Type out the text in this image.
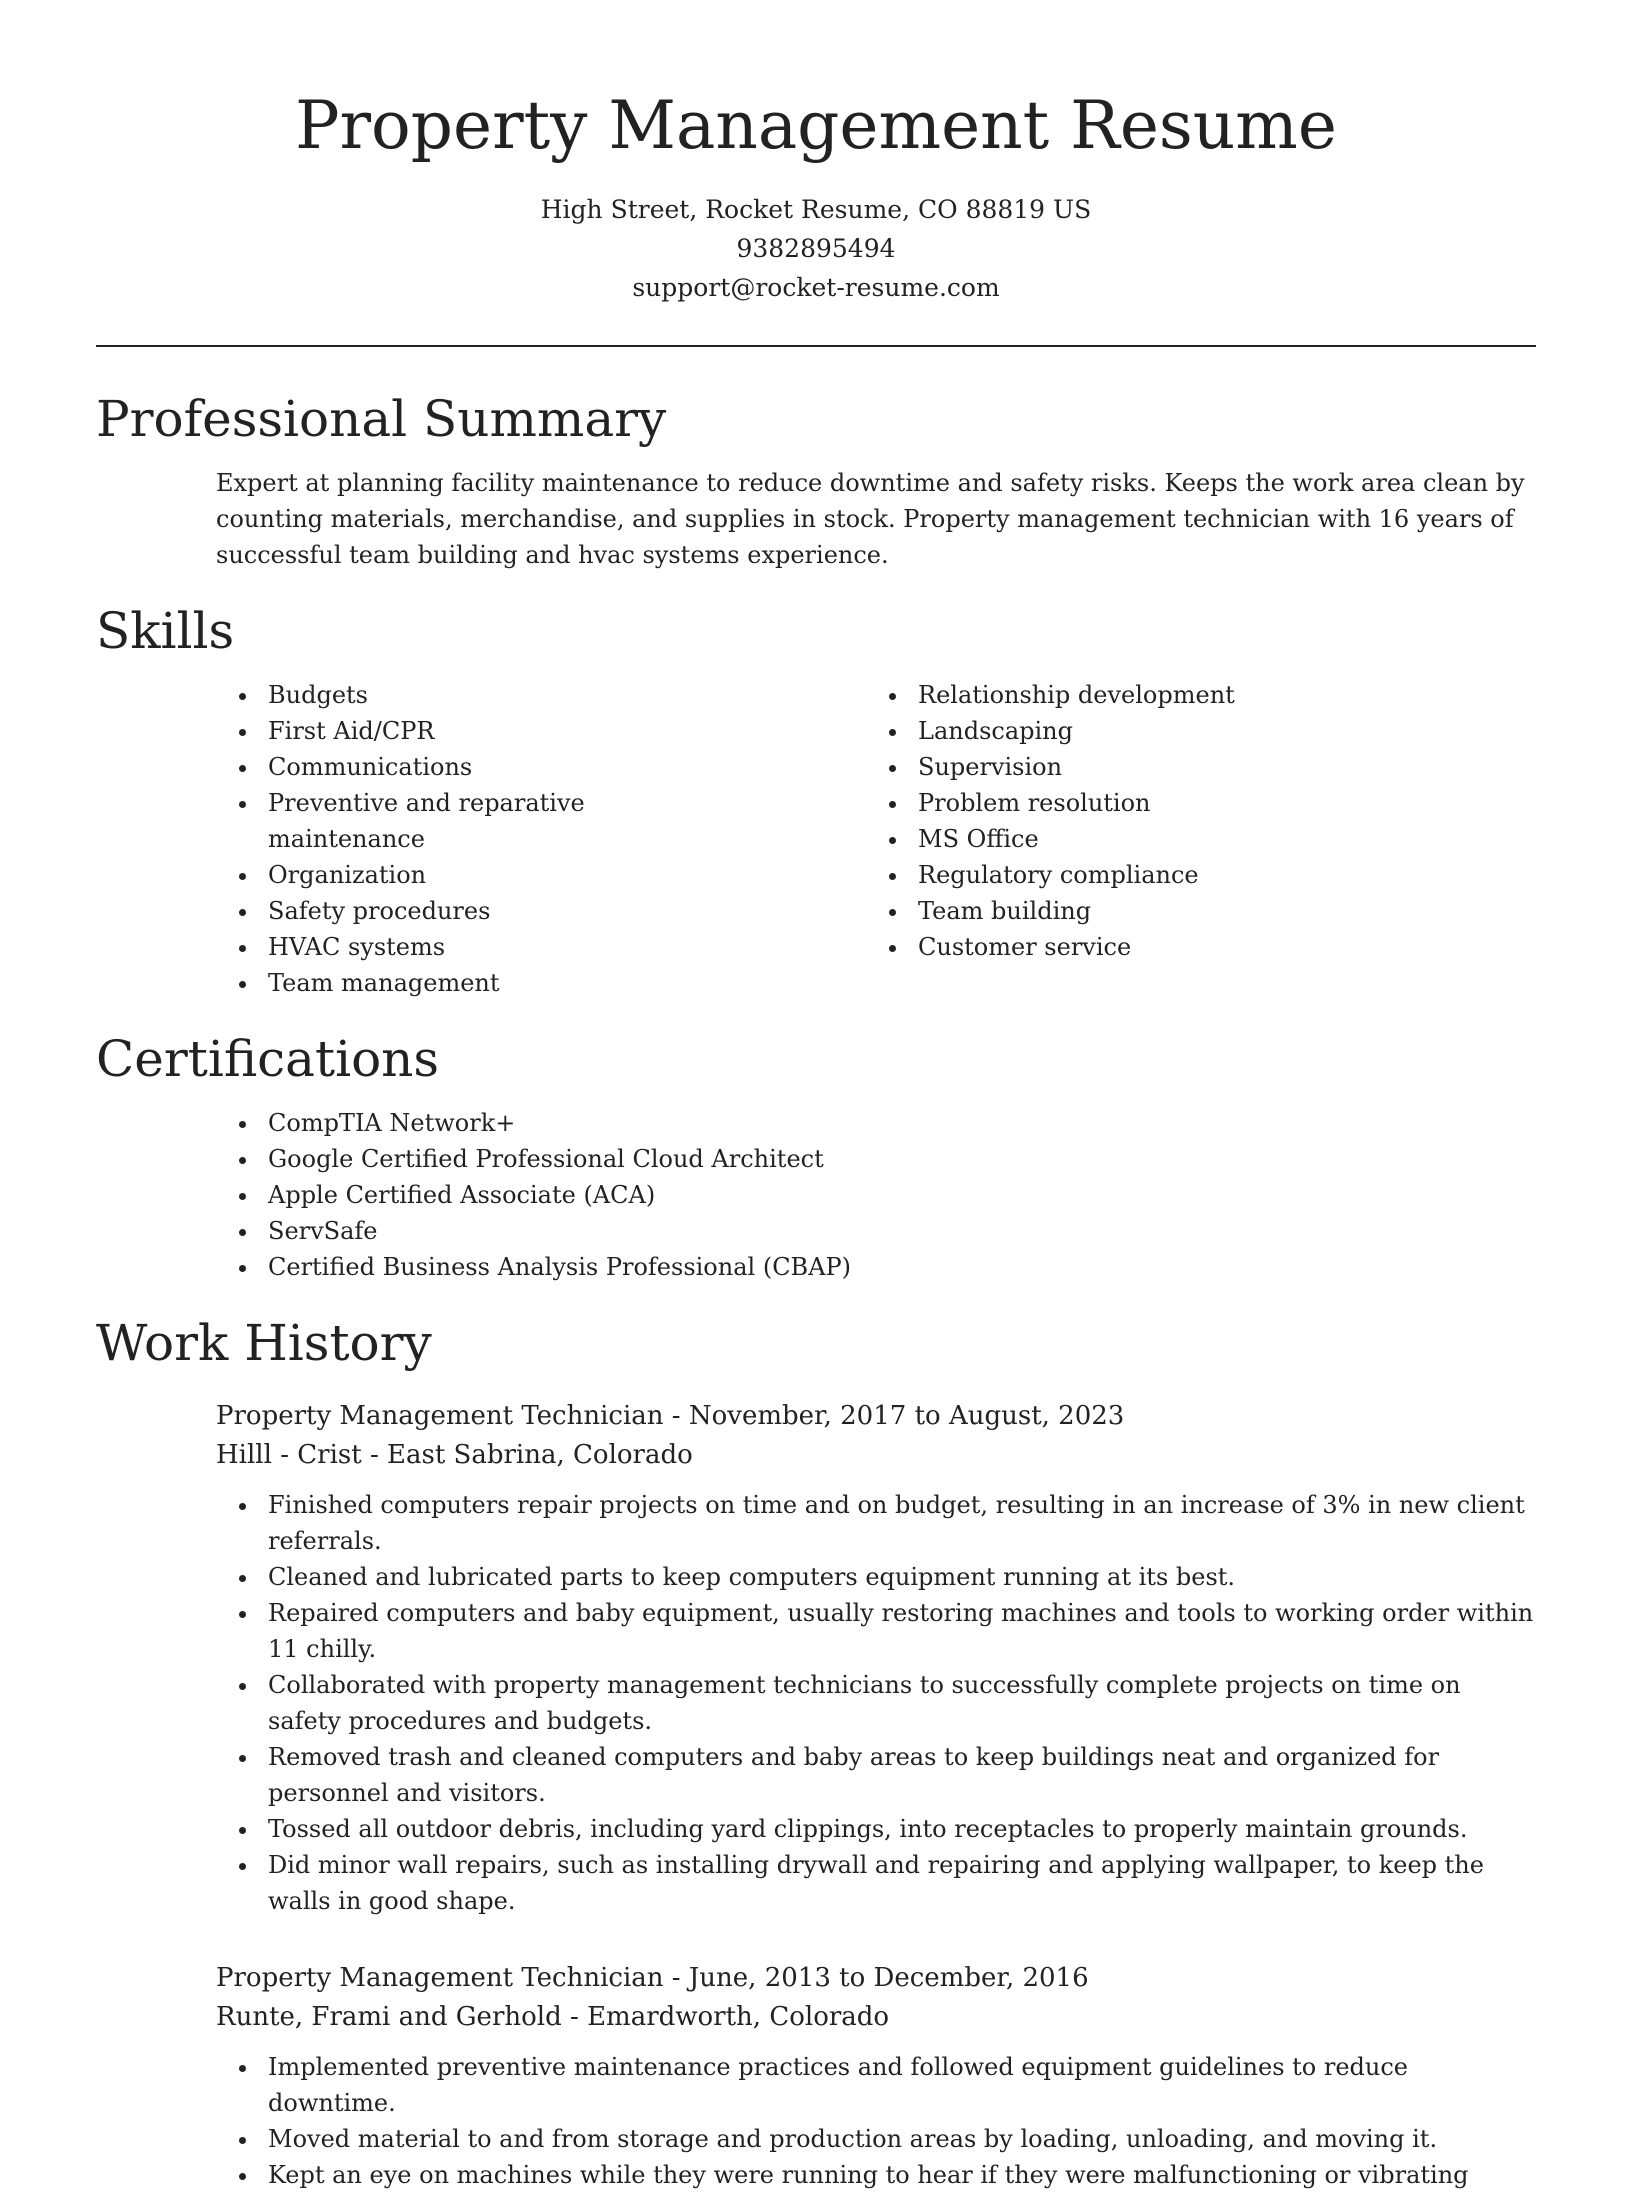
Property Management Resume
High Street, Rocket Resume, CO 88819 US
9382895494
support@rocket-resume.com
Professional Summary

Expert at planning facility maintenance to reduce downtime and safety risks. Keeps the work area clean by counting materials, merchandise, and supplies in stock. Property management technician with 16 years of successful team building and hvac systems experience.

Skills
• Budgets
• First Aid/CPR
• Communications
• Preventive and reparative maintenance
• Organization
• Safety procedures
• HVAC systems
• Team management
• Relationship development
• Landscaping
• Supervision
• Problem resolution
• MS Office
• Regulatory compliance
• Team building
• Customer service
Certifications
• CompTIA Network+
• Google Certified Professional Cloud Architect
• Apple Certified Associate (ACA)
• ServSafe
• Certified Business Analysis Professional (CBAP)
Work History
Property Management Technician - November, 2017 to August, 2023
Hilll - Crist - East Sabrina, Colorado
• Finished computers repair projects on time and on budget, resulting in an increase of 3% in new client referrals.
• Cleaned and lubricated parts to keep computers equipment running at its best.
• Repaired computers and baby equipment, usually restoring machines and tools to working order within 11 chilly.
• Collaborated with property management technicians to successfully complete projects on time on safety procedures and budgets.
• Removed trash and cleaned computers and baby areas to keep buildings neat and organized for personnel and visitors.
• Tossed all outdoor debris, including yard clippings, into receptacles to properly maintain grounds.
• Did minor wall repairs, such as installing drywall and repairing and applying wallpaper, to keep the walls in good shape.
Property Management Technician - June, 2013 to December, 2016
Runte, Frami and Gerhold - Emardworth, Colorado
• Implemented preventive maintenance practices and followed equipment guidelines to reduce downtime.
• Moved material to and from storage and production areas by loading, unloading, and moving it.
• Kept an eye on machines while they were running to hear if they were malfunctioning or vibrating
